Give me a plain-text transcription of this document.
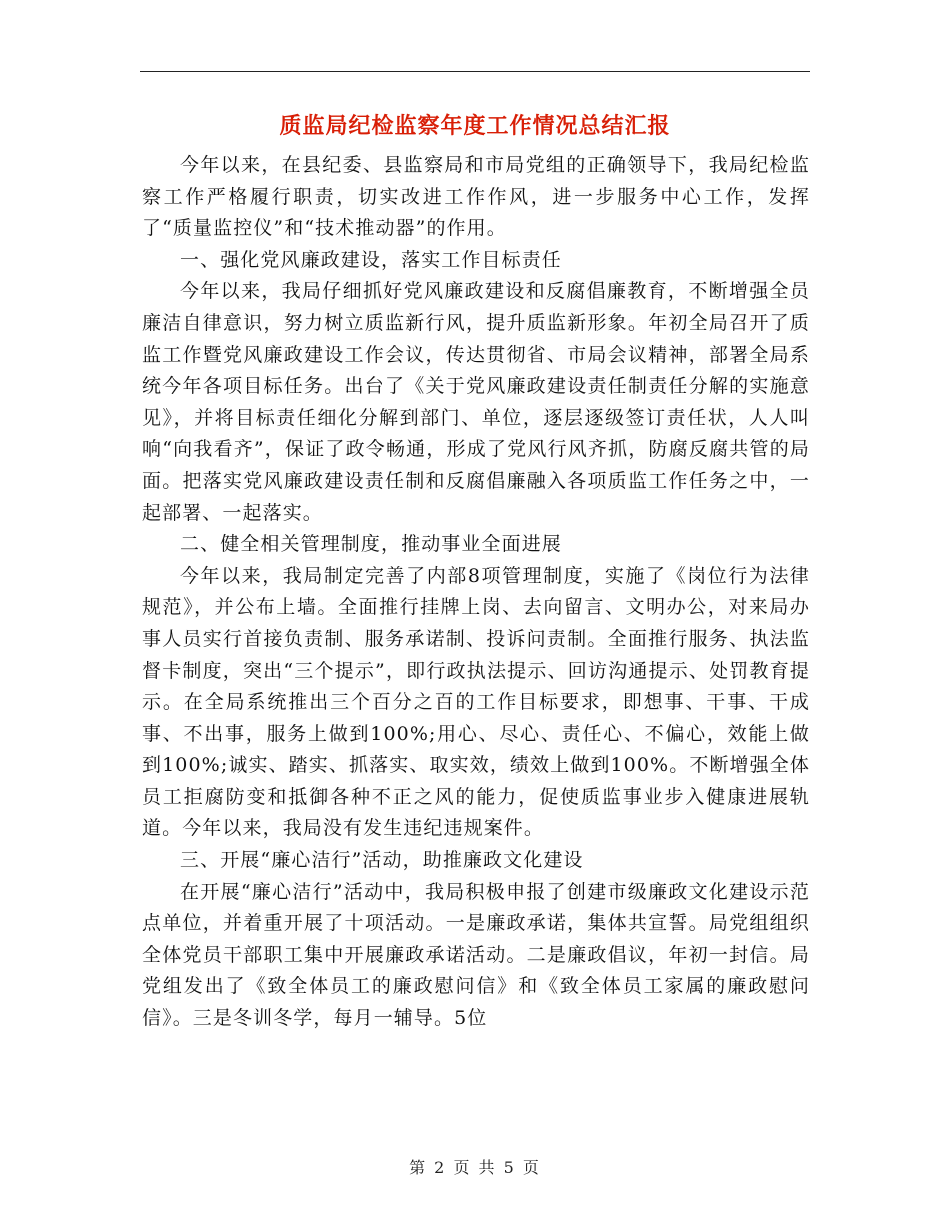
质监局纪检监察年度工作情况总结汇报

今年以来，在县纪委、县监察局和市局党组的正确领导下，我局纪检监察工作严格履行职责，切实改进工作作风，进一步服务中心工作，发挥了“质量监控仪”和“技术推动器”的作用。

一、强化党风廉政建设，落实工作目标责任

今年以来，我局仔细抓好党风廉政建设和反腐倡廉教育，不断增强全员廉洁自律意识，努力树立质监新行风，提升质监新形象。年初全局召开了质监工作暨党风廉政建设工作会议，传达贯彻省、市局会议精神，部署全局系统今年各项目标任务。出台了《关于党风廉政建设责任制责任分解的实施意见》，并将目标责任细化分解到部门、单位，逐层逐级签订责任状，人人叫响“向我看齐”，保证了政令畅通，形成了党风行风齐抓，防腐反腐共管的局面。把落实党风廉政建设责任制和反腐倡廉融入各项质监工作任务之中，一起部署、一起落实。

二、健全相关管理制度，推动事业全面进展

今年以来，我局制定完善了内部8项管理制度，实施了《岗位行为法律规范》，并公布上墙。全面推行挂牌上岗、去向留言、文明办公，对来局办事人员实行首接负责制、服务承诺制、投诉问责制。全面推行服务、执法监督卡制度，突出“三个提示”，即行政执法提示、回访沟通提示、处罚教育提示。在全局系统推出三个百分之百的工作目标要求，即想事、干事、干成事、不出事，服务上做到100%;用心、尽心、责任心、不偏心，效能上做到100%;诚实、踏实、抓落实、取实效，绩效上做到100%。不断增强全体员工拒腐防变和抵御各种不正之风的能力，促使质监事业步入健康进展轨道。今年以来，我局没有发生违纪违规案件。

三、开展“廉心洁行”活动，助推廉政文化建设

在开展“廉心洁行”活动中，我局积极申报了创建市级廉政文化建设示范点单位，并着重开展了十项活动。一是廉政承诺，集体共宣誓。局党组组织全体党员干部职工集中开展廉政承诺活动。二是廉政倡议，年初一封信。局党组发出了《致全体员工的廉政慰问信》和《致全体员工家属的廉政慰问信》。三是冬训冬学，每月一辅导。5位

第 2 页 共 5 页
